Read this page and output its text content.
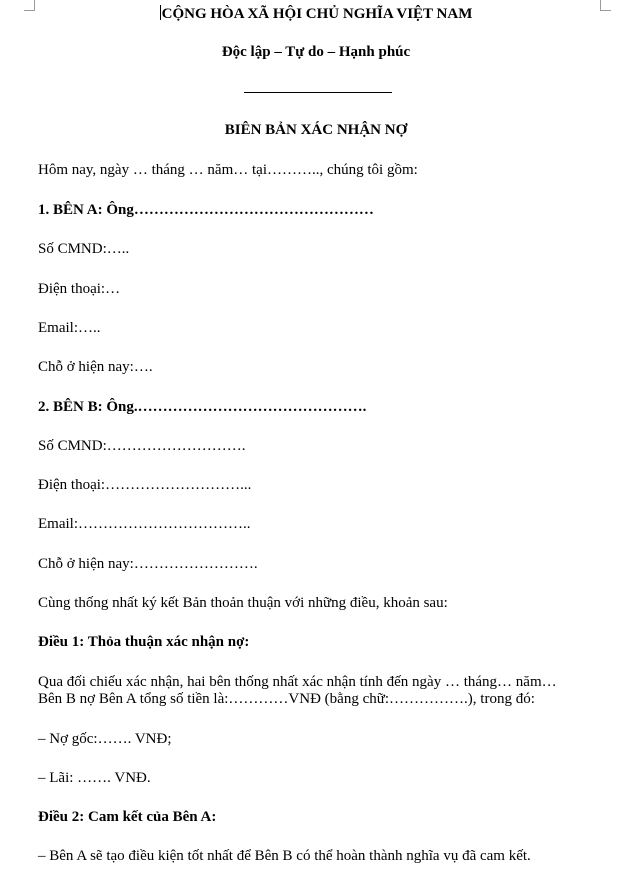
CỘNG HÒA XÃ HỘI CHỦ NGHĨA VIỆT NAM
Độc lập – Tự do – Hạnh phúc
BIÊN BẢN XÁC NHẬN NỢ
Hôm nay, ngày … tháng … năm… tại……….., chúng tôi gồm:
1. BÊN A: Ông…………………………………………
Số CMND:…..
Điện thoại:…
Email:…..
Chỗ ở hiện nay:….
2. BÊN B: Ông.……………………………………….
Số CMND:……………………….
Điện thoại:………………………...
Email:……………………………..
Chỗ ở hiện nay:…………………….
Cùng thống nhất ký kết Bản thoản thuận với những điều, khoản sau:
Điều 1: Thỏa thuận xác nhận nợ:
Qua đối chiếu xác nhận, hai bên thống nhất xác nhận tính đến ngày … tháng… năm…
Bên B nợ Bên A tổng số tiền là:…………VNĐ (bằng chữ:…………….), trong đó:
– Nợ gốc:……. VNĐ;
– Lãi: ……. VNĐ.
Điều 2: Cam kết của Bên A:
– Bên A sẽ tạo điều kiện tốt nhất để Bên B có thể hoàn thành nghĩa vụ đã cam kết.
